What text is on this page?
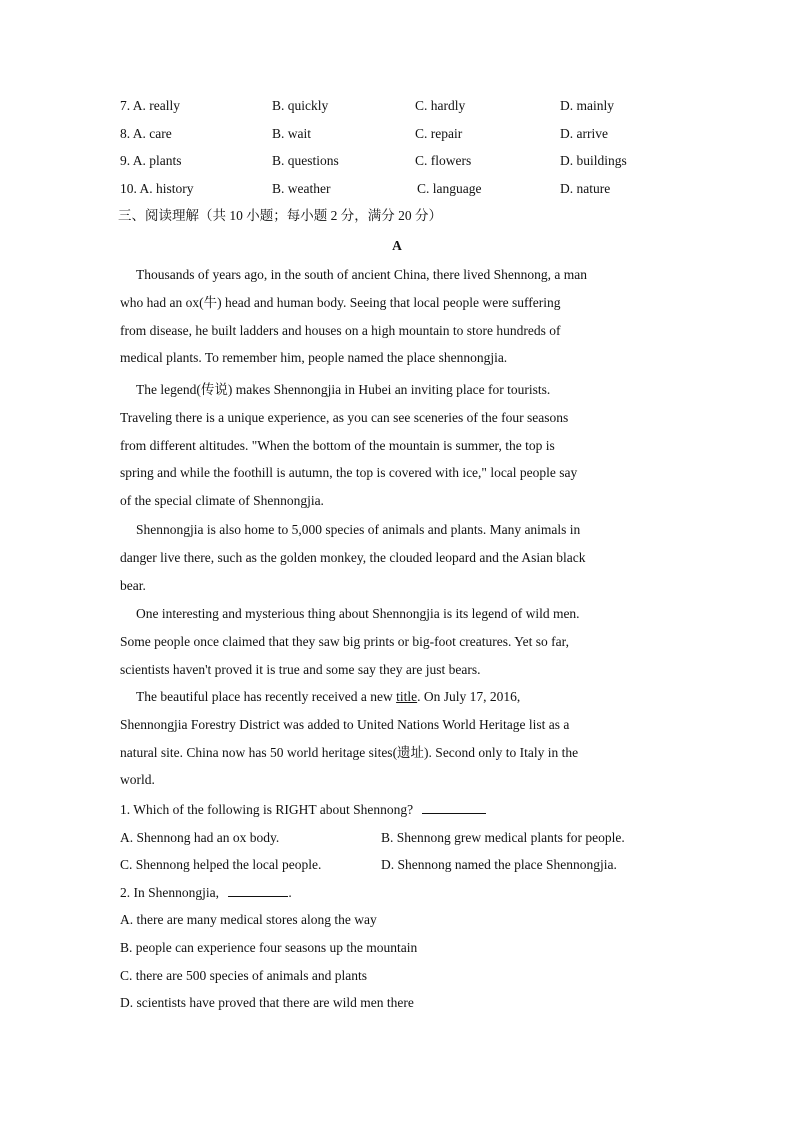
7. A. really	B. quickly	C. hardly	D. mainly
8. A. care	B. wait	C. repair	D. arrive
9. A. plants	B. questions	C. flowers	D. buildings
10. A. history	B. weather	C. language	D. nature
三、阅读理解（共 10 小题；每小题 2 分，满分 20 分）
A
Thousands of years ago, in the south of ancient China, there lived Shennong, a man
who had an ox(牛) head and human body. Seeing that local people were suffering
from disease, he built ladders and houses on a high mountain to store hundreds of
medical plants. To remember him, people named the place shennongjia.
The legend(传说) makes Shennongjia in Hubei an inviting place for tourists.
Traveling there is a unique experience, as you can see sceneries of the four seasons
from different altitudes. "When the bottom of the mountain is summer, the top is
spring and while the foothill is autumn, the top is covered with ice," local people say
of the special climate of Shennongjia.
Shennongjia is also home to 5,000 species of animals and plants. Many animals in
danger live there, such as the golden monkey, the clouded leopard and the Asian black
bear.
One interesting and mysterious thing about Shennongjia is its legend of wild men.
Some people once claimed that they saw big prints or big-foot creatures. Yet so far,
scientists haven't proved it is true and some say they are just bears.
The beautiful place has recently received a new title. On July 17, 2016,
Shennongjia Forestry District was added to United Nations World Heritage list as a
natural site. China now has 50 world heritage sites(遗址). Second only to Italy in the
world.
1. Which of the following is RIGHT about Shennong?
A. Shennong had an ox body.	B. Shennong grew medical plants for people.
C. Shennong helped the local people.	D. Shennong named the place Shennongjia.
2. In Shennongjia,	.
A. there are many medical stores along the way
B. people can experience four seasons up the mountain
C. there are 500 species of animals and plants
D. scientists have proved that there are wild men there
